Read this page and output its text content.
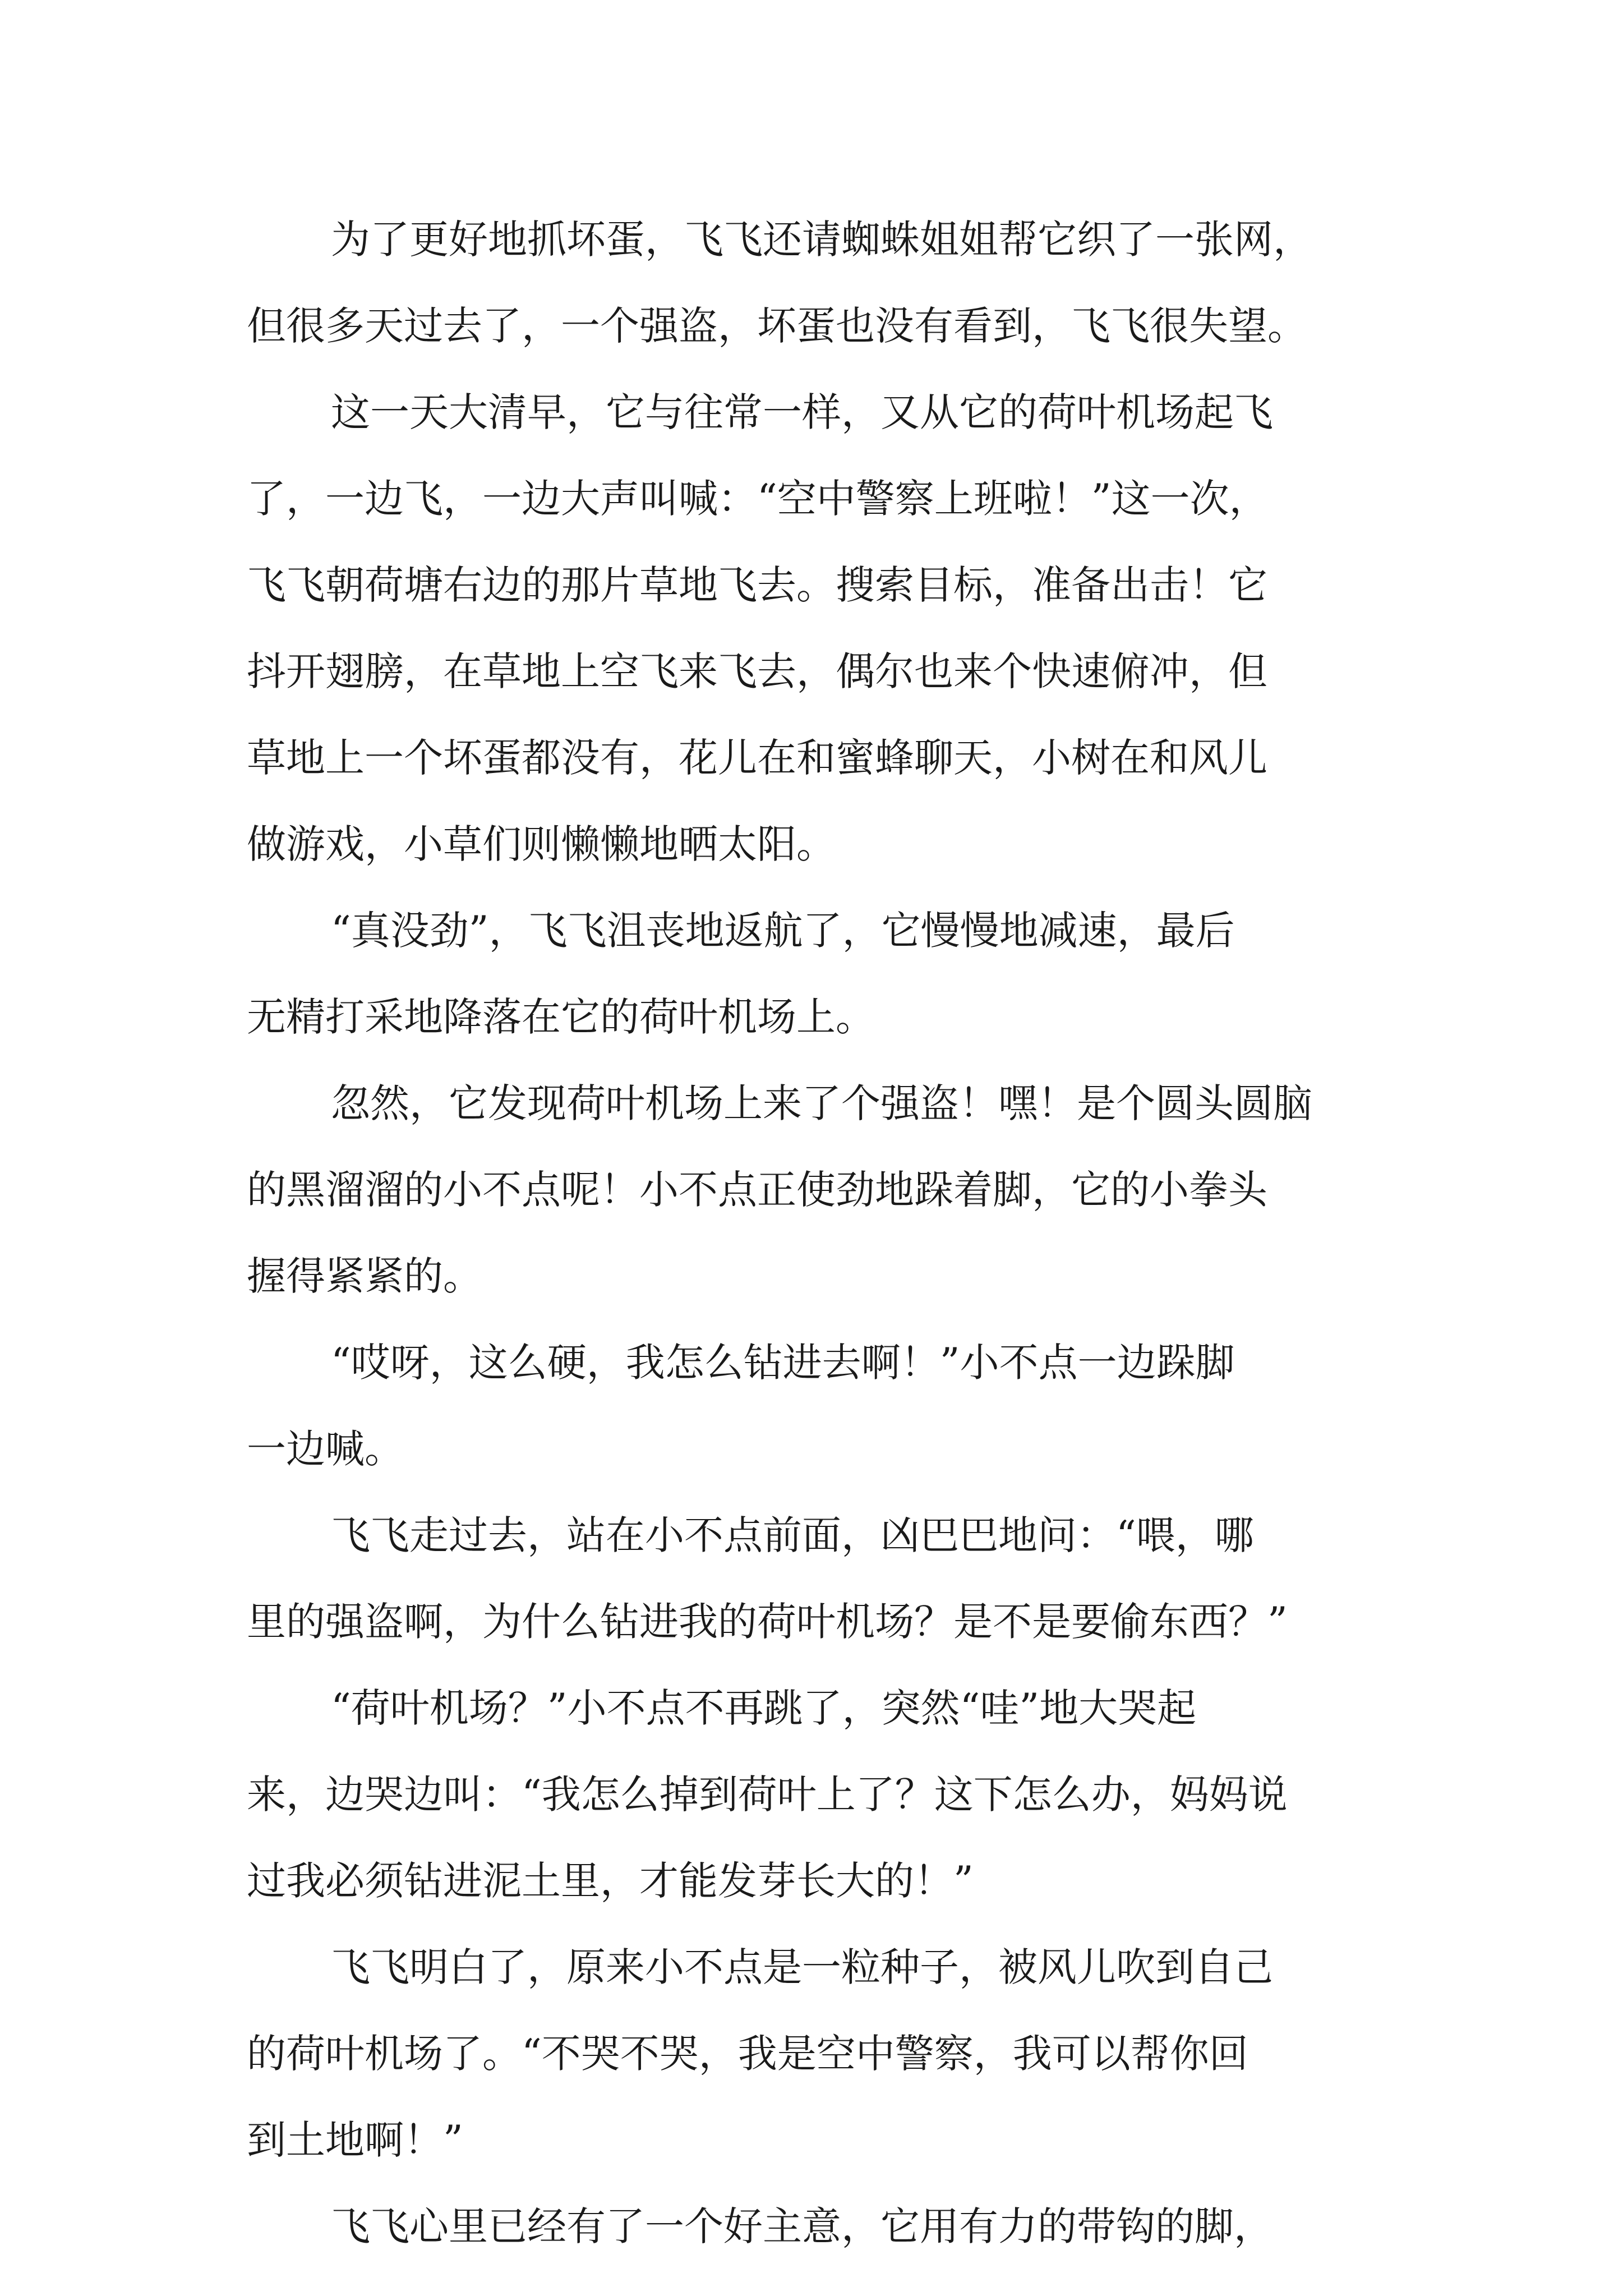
为了更好地抓坏蛋，飞飞还请蜘蛛姐姐帮它织了一张网，
但很多天过去了，一个强盗，坏蛋也没有看到，飞飞很失望。
这一天大清早，它与往常一样，又从它的荷叶机场起飞
了，一边飞，一边大声叫喊：“空中警察上班啦！”这一次，
飞飞朝荷塘右边的那片草地飞去。搜索目标，准备出击！它
抖开翅膀，在草地上空飞来飞去，偶尔也来个快速俯冲，但
草地上一个坏蛋都没有，花儿在和蜜蜂聊天，小树在和风儿
做游戏，小草们则懒懒地晒太阳。
“真没劲”，飞飞沮丧地返航了，它慢慢地减速，最后
无精打采地降落在它的荷叶机场上。
忽然，它发现荷叶机场上来了个强盗！嘿！是个圆头圆脑
的黑溜溜的小不点呢！小不点正使劲地跺着脚，它的小拳头
握得紧紧的。
“哎呀，这么硬，我怎么钻进去啊！”小不点一边跺脚
一边喊。
飞飞走过去，站在小不点前面，凶巴巴地问：“喂，哪
里的强盗啊，为什么钻进我的荷叶机场？是不是要偷东西？”
“荷叶机场？”小不点不再跳了，突然“哇”地大哭起
来，边哭边叫：“我怎么掉到荷叶上了？这下怎么办，妈妈说
过我必须钻进泥土里，才能发芽长大的！”
飞飞明白了，原来小不点是一粒种子，被风儿吹到自己
的荷叶机场了。“不哭不哭，我是空中警察，我可以帮你回
到土地啊！”
飞飞心里已经有了一个好主意，它用有力的带钩的脚，
